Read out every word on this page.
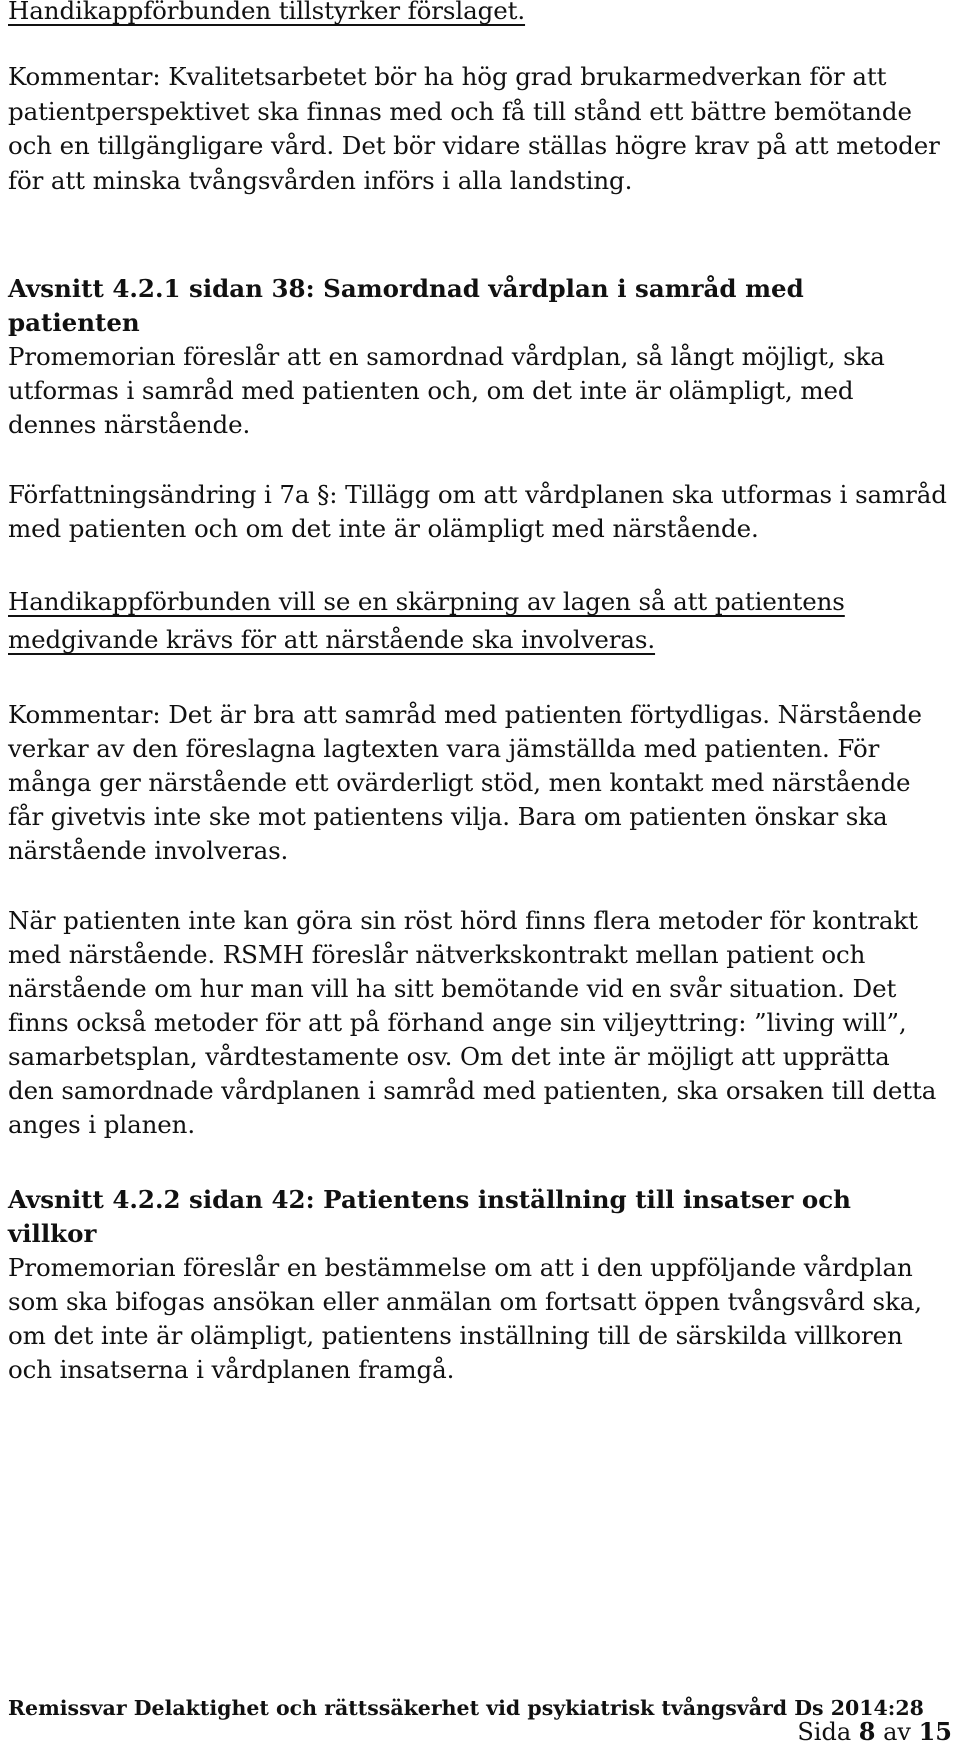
Handikappförbunden tillstyrker förslaget.

Kommentar: Kvalitetsarbetet bör ha hög grad brukarmedverkan för att patientperspektivet ska finnas med och få till stånd ett bättre bemötande och en tillgängligare vård. Det bör vidare ställas högre krav på att metoder för att minska tvångsvården införs i alla landsting.

Avsnitt 4.2.1 sidan 38: Samordnad vårdplan i samråd med patienten

Promemorian föreslår att en samordnad vårdplan, så långt möjligt, ska utformas i samråd med patienten och, om det inte är olämpligt, med dennes närstående.

Författningsändring i 7a §: Tillägg om att vårdplanen ska utformas i samråd med patienten och om det inte är olämpligt med närstående.

Handikappförbunden vill se en skärpning av lagen så att patientens medgivande krävs för att närstående ska involveras.

Kommentar: Det är bra att samråd med patienten förtydligas. Närstående verkar av den föreslagna lagtexten vara jämställda med patienten. För många ger närstående ett ovärderligt stöd, men kontakt med närstående får givetvis inte ske mot patientens vilja. Bara om patienten önskar ska närstående involveras.

När patienten inte kan göra sin röst hörd finns flera metoder för kontrakt med närstående. RSMH föreslår nätverkskontrakt mellan patient och närstående om hur man vill ha sitt bemötande vid en svår situation. Det finns också metoder för att på förhand ange sin viljeyttring: ”living will”, samarbetsplan, vårdtestamente osv. Om det inte är möjligt att upprätta den samordnade vårdplanen i samråd med patienten, ska orsaken till detta anges i planen.

Avsnitt 4.2.2 sidan 42: Patientens inställning till insatser och villkor

Promemorian föreslår en bestämmelse om att i den uppföljande vårdplan som ska bifogas ansökan eller anmälan om fortsatt öppen tvångsvård ska, om det inte är olämpligt, patientens inställning till de särskilda villkoren och insatserna i vårdplanen framgå.

Remissvar Delaktighet och rättssäkerhet vid psykiatrisk tvångsvård Ds 2014:28
Sida 8 av 15
